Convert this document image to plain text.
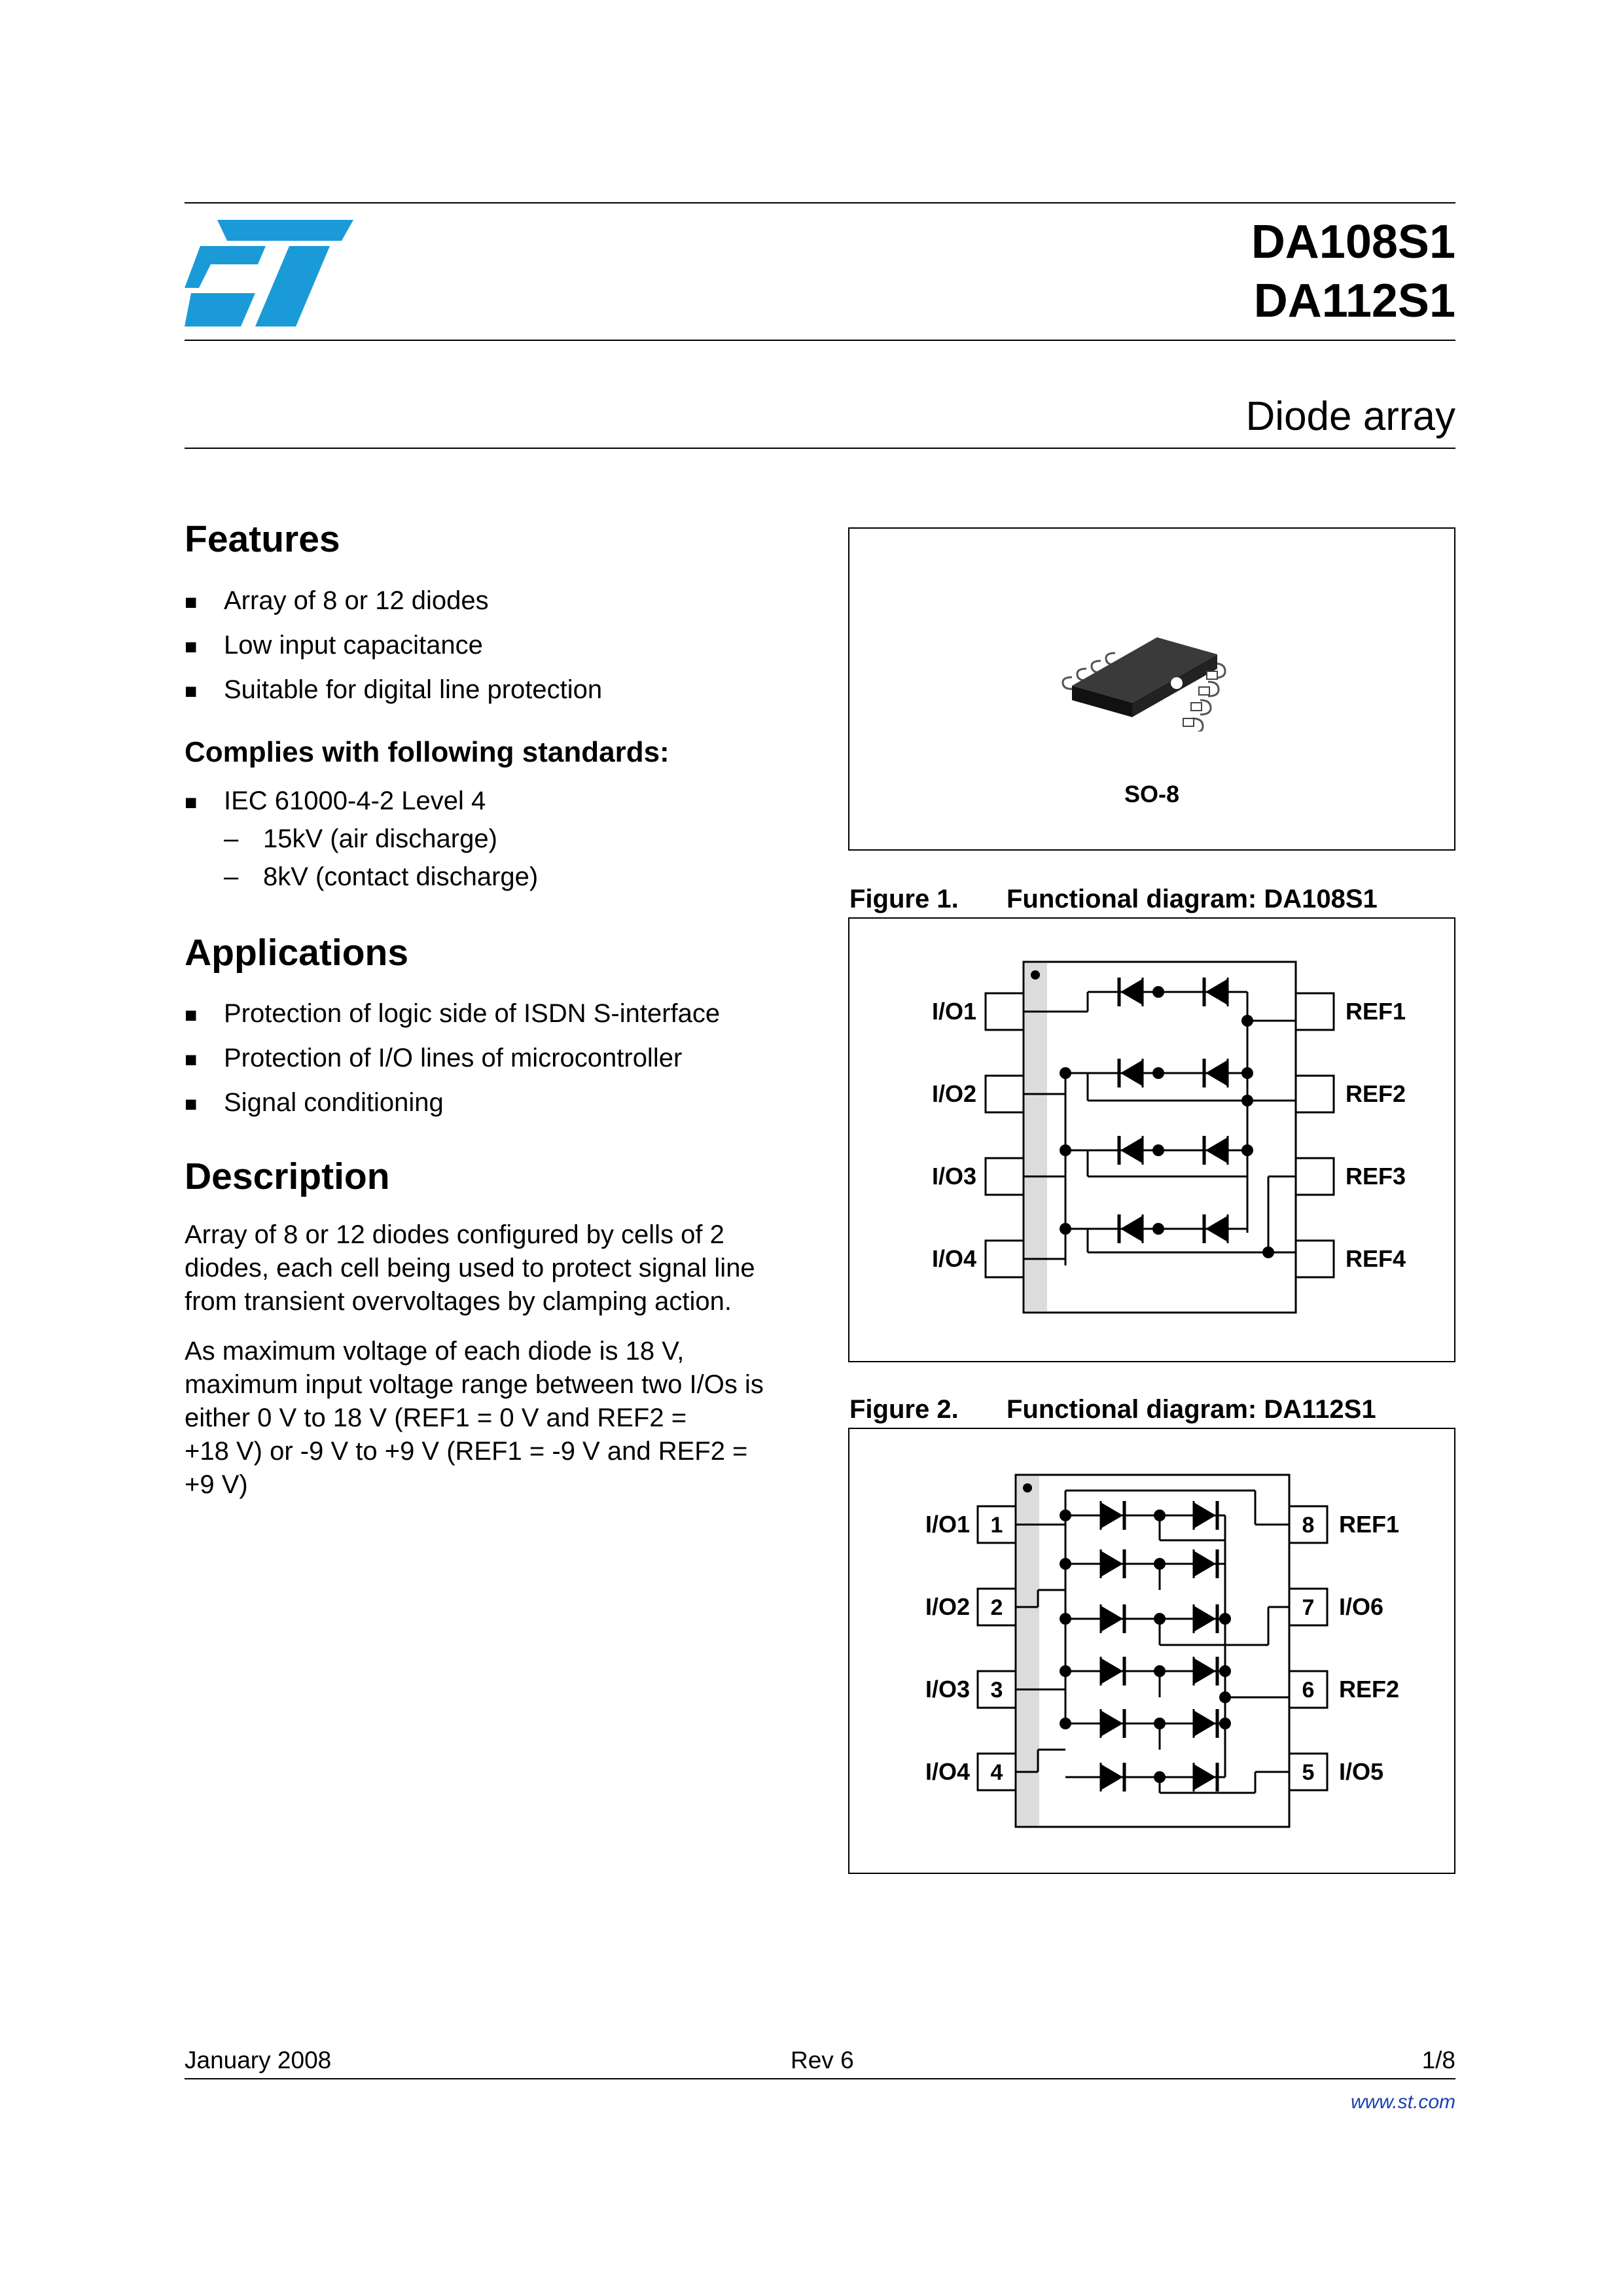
ST	DA108S1
DA112S1
Diode array
Features
■ Array of 8 or 12 diodes
■ Low input capacitance
■ Suitable for digital line protection
Complies with following standards:
■ IEC 61000-4-2 Level 4
– 15kV (air discharge)
– 8kV (contact discharge)
Applications
■ Protection of logic side of ISDN S-interface
■ Protection of I/O lines of microcontroller
■ Signal conditioning
Description
Array of 8 or 12 diodes configured by cells of 2
diodes, each cell being used to protect signal line
from transient overvoltages by clamping action.
As maximum voltage of each diode is 18 V,
maximum input voltage range between two I/Os is
either 0 V to 18 V (REF1 = 0 V and REF2 =
+18 V) or -9 V to +9 V (REF1 = -9 V and REF2 =
+9 V)
SO-8
Figure 1. Functional diagram: DA108S1
I/O1
I/O2
I/O3
I/O4
REF1
REF2
REF3
REF4
Figure 2. Functional diagram: DA112S1
1
2
3
4
8
7
6
5
I/O1
I/O2
I/O3
I/O4
REF1
I/O6
REF2
I/O5
January 2008	Rev 6	1/8
www.st.com
